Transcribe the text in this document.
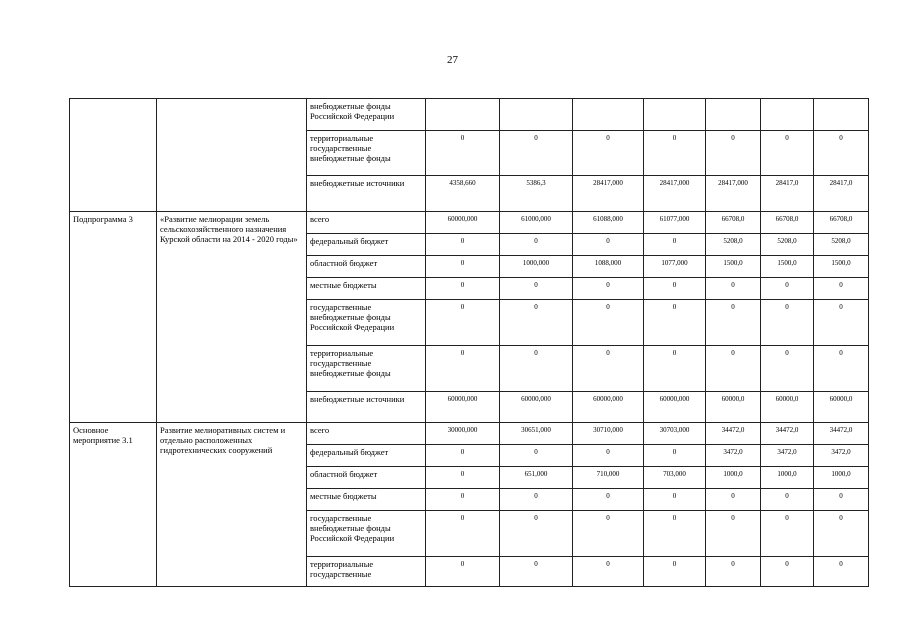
27
		внебюджетные фонды Российской Федерации							
		территориальные государственные внебюджетные фонды	0	0	0	0	0	0	0
		внебюджетные источники	4358,660	5386,3	28417,000	28417,000	28417,000	28417,0	28417,0
Подпрограмма 3	«Развитие мелиорации земель сельскохозяйственного назначения Курской области на 2014 - 2020 годы»	всего	60000,000	61000,000	61088,000	61077,000	66708,0	66708,0	66708,0
		федеральный бюджет	0	0	0	0	5208,0	5208,0	5208,0
		областной бюджет	0	1000,000	1088,000	1077,000	1500,0	1500,0	1500,0
		местные бюджеты	0	0	0	0	0	0	0
		государственные внебюджетные фонды Российской Федерации	0	0	0	0	0	0	0
		территориальные государственные внебюджетные фонды	0	0	0	0	0	0	0
		внебюджетные источники	60000,000	60000,000	60000,000	60000,000	60000,0	60000,0	60000,0
Основное мероприятие 3.1	Развитие мелиоративных систем и отдельно расположенных гидротехнических сооружений	всего	30000,000	30651,000	30710,000	30703,000	34472,0	34472,0	34472,0
		федеральный бюджет	0	0	0	0	3472,0	3472,0	3472,0
		областной бюджет	0	651,000	710,000	703,000	1000,0	1000,0	1000,0
		местные бюджеты	0	0	0	0	0	0	0
		государственные внебюджетные фонды Российской Федерации	0	0	0	0	0	0	0
		территориальные государственные	0	0	0	0	0	0	0
